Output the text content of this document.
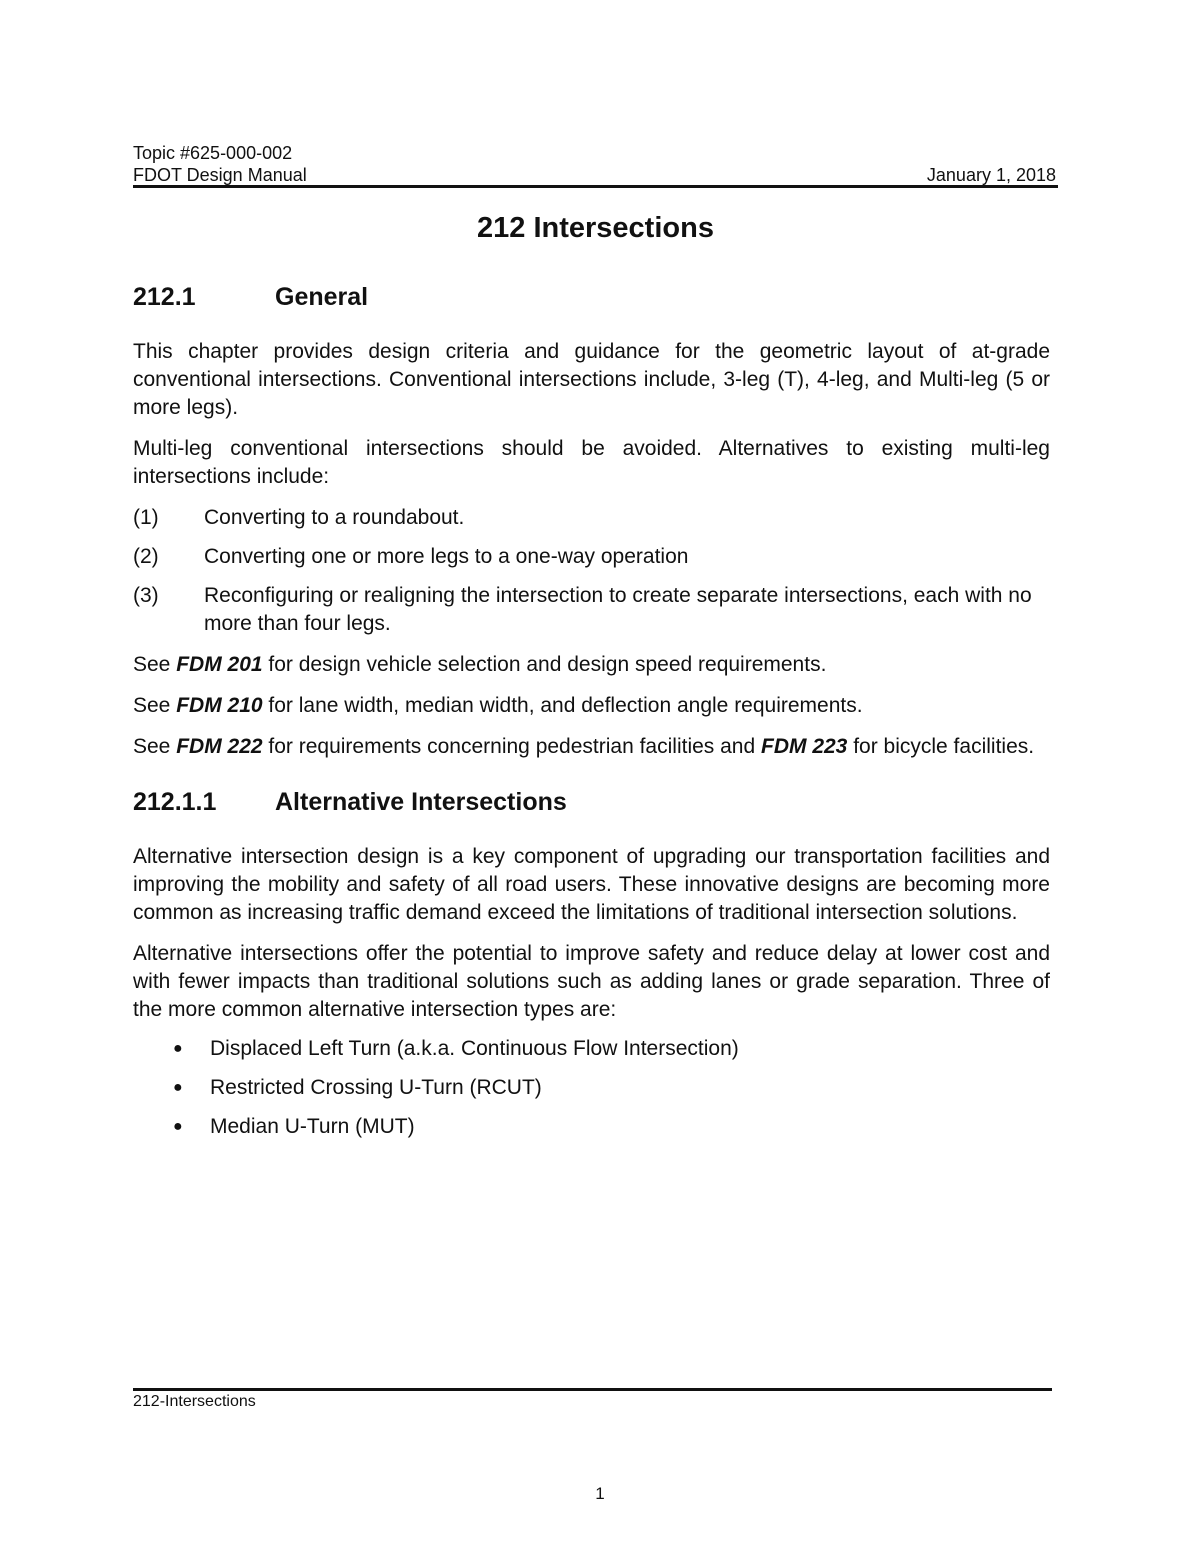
Topic #625-000-002
FDOT Design Manual	January 1, 2018
212 Intersections
212.1	General

This chapter provides design criteria and guidance for the geometric layout of at-grade conventional intersections. Conventional intersections include, 3-leg (T), 4-leg, and Multi-leg (5 or more legs).

Multi-leg conventional intersections should be avoided. Alternatives to existing multi-leg intersections include:

(1)	Converting to a roundabout.
(2)	Converting one or more legs to a one-way operation
(3)	Reconfiguring or realigning the intersection to create separate intersections, each with no more than four legs.

See FDM 201 for design vehicle selection and design speed requirements.

See FDM 210 for lane width, median width, and deflection angle requirements.

See FDM 222 for requirements concerning pedestrian facilities and FDM 223 for bicycle facilities.

212.1.1	Alternative Intersections

Alternative intersection design is a key component of upgrading our transportation facilities and improving the mobility and safety of all road users. These innovative designs are becoming more common as increasing traffic demand exceed the limitations of traditional intersection solutions.

Alternative intersections offer the potential to improve safety and reduce delay at lower cost and with fewer impacts than traditional solutions such as adding lanes or grade separation. Three of the more common alternative intersection types are:

●	Displaced Left Turn (a.k.a. Continuous Flow Intersection)
●	Restricted Crossing U-Turn (RCUT)
●	Median U-Turn (MUT)
212-Intersections
1
